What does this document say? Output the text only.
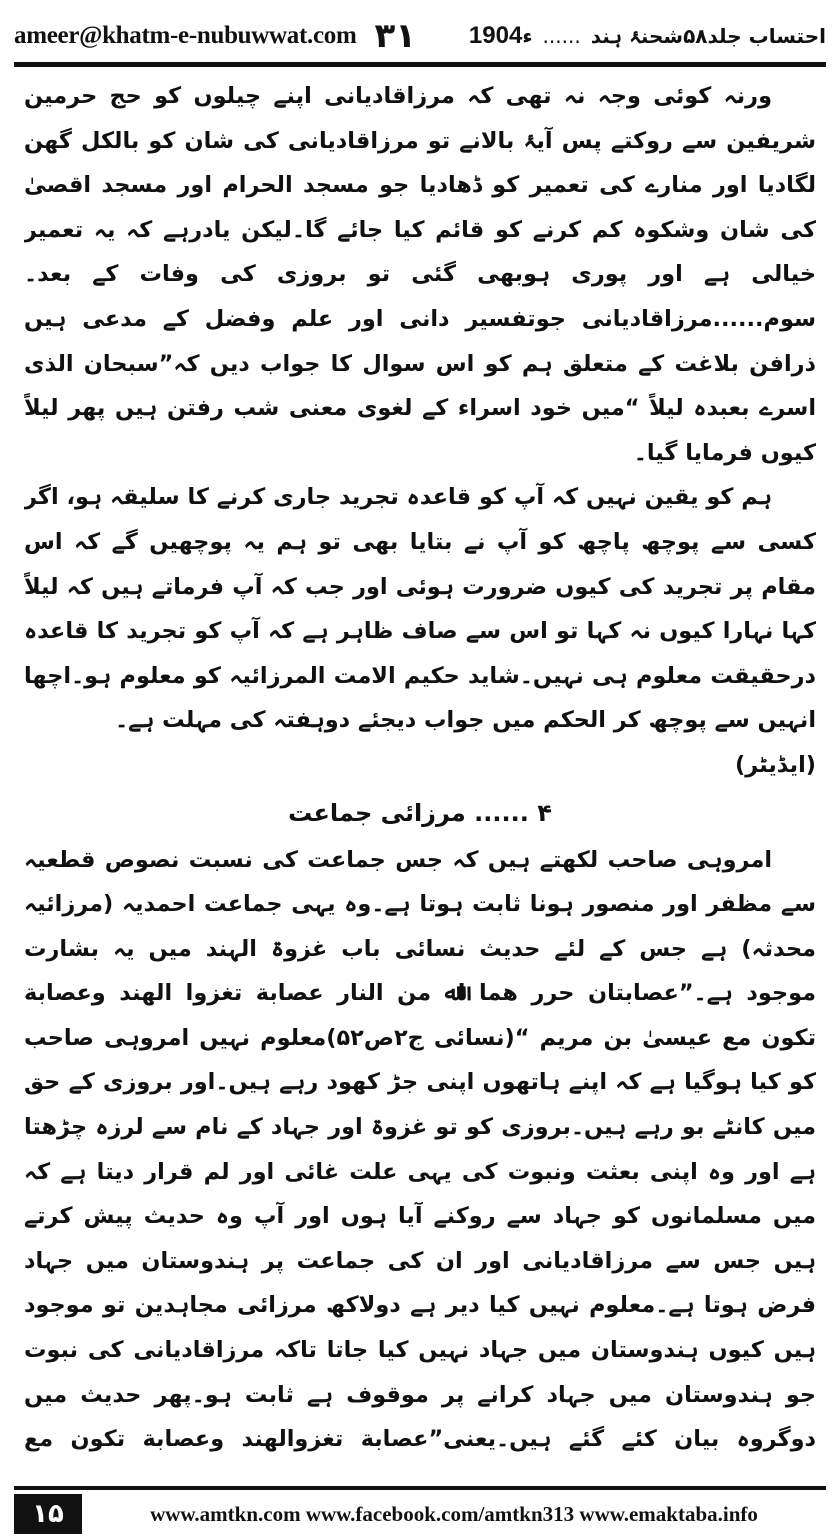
ameer@khatm-e-nubuwwat.com ۳۱	احتساب جلد۵۸شحنۂ ہند
......
1904ء

ورنہ کوئی وجہ نہ تھی کہ مرزاقادیانی اپنے چیلوں کو حج حرمین شریفین سے روکتے پس آیۂ بالانے تو مرزاقادیانی کی شان کو بالکل گھن لگادیا اور منارے کی تعمیر کو ڈھادیا جو مسجد الحرام اور مسجد اقصیٰ کی شان وشکوہ کم کرنے کو قائم کیا جائے گا۔لیکن یادرہے کہ یہ تعمیر خیالی ہے اور پوری ہوبھی گئی تو بروزی کی وفات کے بعد۔سوم......مرزاقادیانی جوتفسیر دانی اور علم وفضل کے مدعی ہیں ذرافن بلاغت کے متعلق ہم کو اس سوال کا جواب دیں کہ”سبحان الذی اسرے بعبدہ لیلاً “میں خود اسراء کے لغوی معنی شب رفتن ہیں پھر لیلاً کیوں فرمایا گیا۔

ہم کو یقین نہیں کہ آپ کو قاعدہ تجرید جاری کرنے کا سلیقہ ہو، اگر کسی سے پوچھ پاچھ کو آپ نے بتایا بھی تو ہم یہ پوچھیں گے کہ اس مقام پر تجرید کی کیوں ضرورت ہوئی اور جب کہ آپ فرماتے ہیں کہ لیلاً کہا نہارا کیوں نہ کہا تو اس سے صاف ظاہر ہے کہ آپ کو تجرید کا قاعدہ درحقیقت معلوم ہی نہیں۔شاید حکیم الامت المرزائیہ کو معلوم ہو۔اچھا انہیں سے پوچھ کر الحکم میں جواب دیجئے دوہفتہ کی مہلت ہے۔

(ایڈیٹر)

۴ ...... مرزائی جماعت

امروہی صاحب لکھتے ہیں کہ جس جماعت کی نسبت نصوص قطعیہ سے مظفر اور منصور ہونا ثابت ہوتا ہے۔وہ یہی جماعت احمدیہ (مرزائیہ محدثہ) ہے جس کے لئے حدیث نسائی باب غزوۃ الہند میں یہ بشارت موجود ہے۔”عصابتان حرر ھما اﷲ من النار عصابة تغزوا الھند وعصابة تکون مع عیسیٰ بن مریم “(نسائی ج۲ص۵۲)معلوم نہیں امروہی صاحب کو کیا ہوگیا ہے کہ اپنے ہاتھوں اپنی جڑ کھود رہے ہیں۔اور بروزی کے حق میں کانٹے بو رہے ہیں۔بروزی کو تو غزوۃ اور جہاد کے نام سے لرزہ چڑھتا ہے اور وہ اپنی بعثت ونبوت کی یہی علت غائی اور لم قرار دیتا ہے کہ میں مسلمانوں کو جہاد سے روکنے آیا ہوں اور آپ وہ حدیث پیش کرتے ہیں جس سے مرزاقادیانی اور ان کی جماعت پر ہندوستان میں جہاد فرض ہوتا ہے۔معلوم نہیں کیا دیر ہے دولاکھ مرزائی مجاہدین تو موجود ہیں کیوں ہندوستان میں جہاد نہیں کیا جاتا تاکہ مرزاقادیانی کی نبوت جو ہندوستان میں جہاد کرانے پر موقوف ہے ثابت ہو۔پھر حدیث میں دوگروہ بیان کئے گئے ہیں۔یعنی”عصابة تغزوالھند وعصابة تکون مع

۱۵	www.amtkn.com www.facebook.com/amtkn313 www.emaktaba.info
